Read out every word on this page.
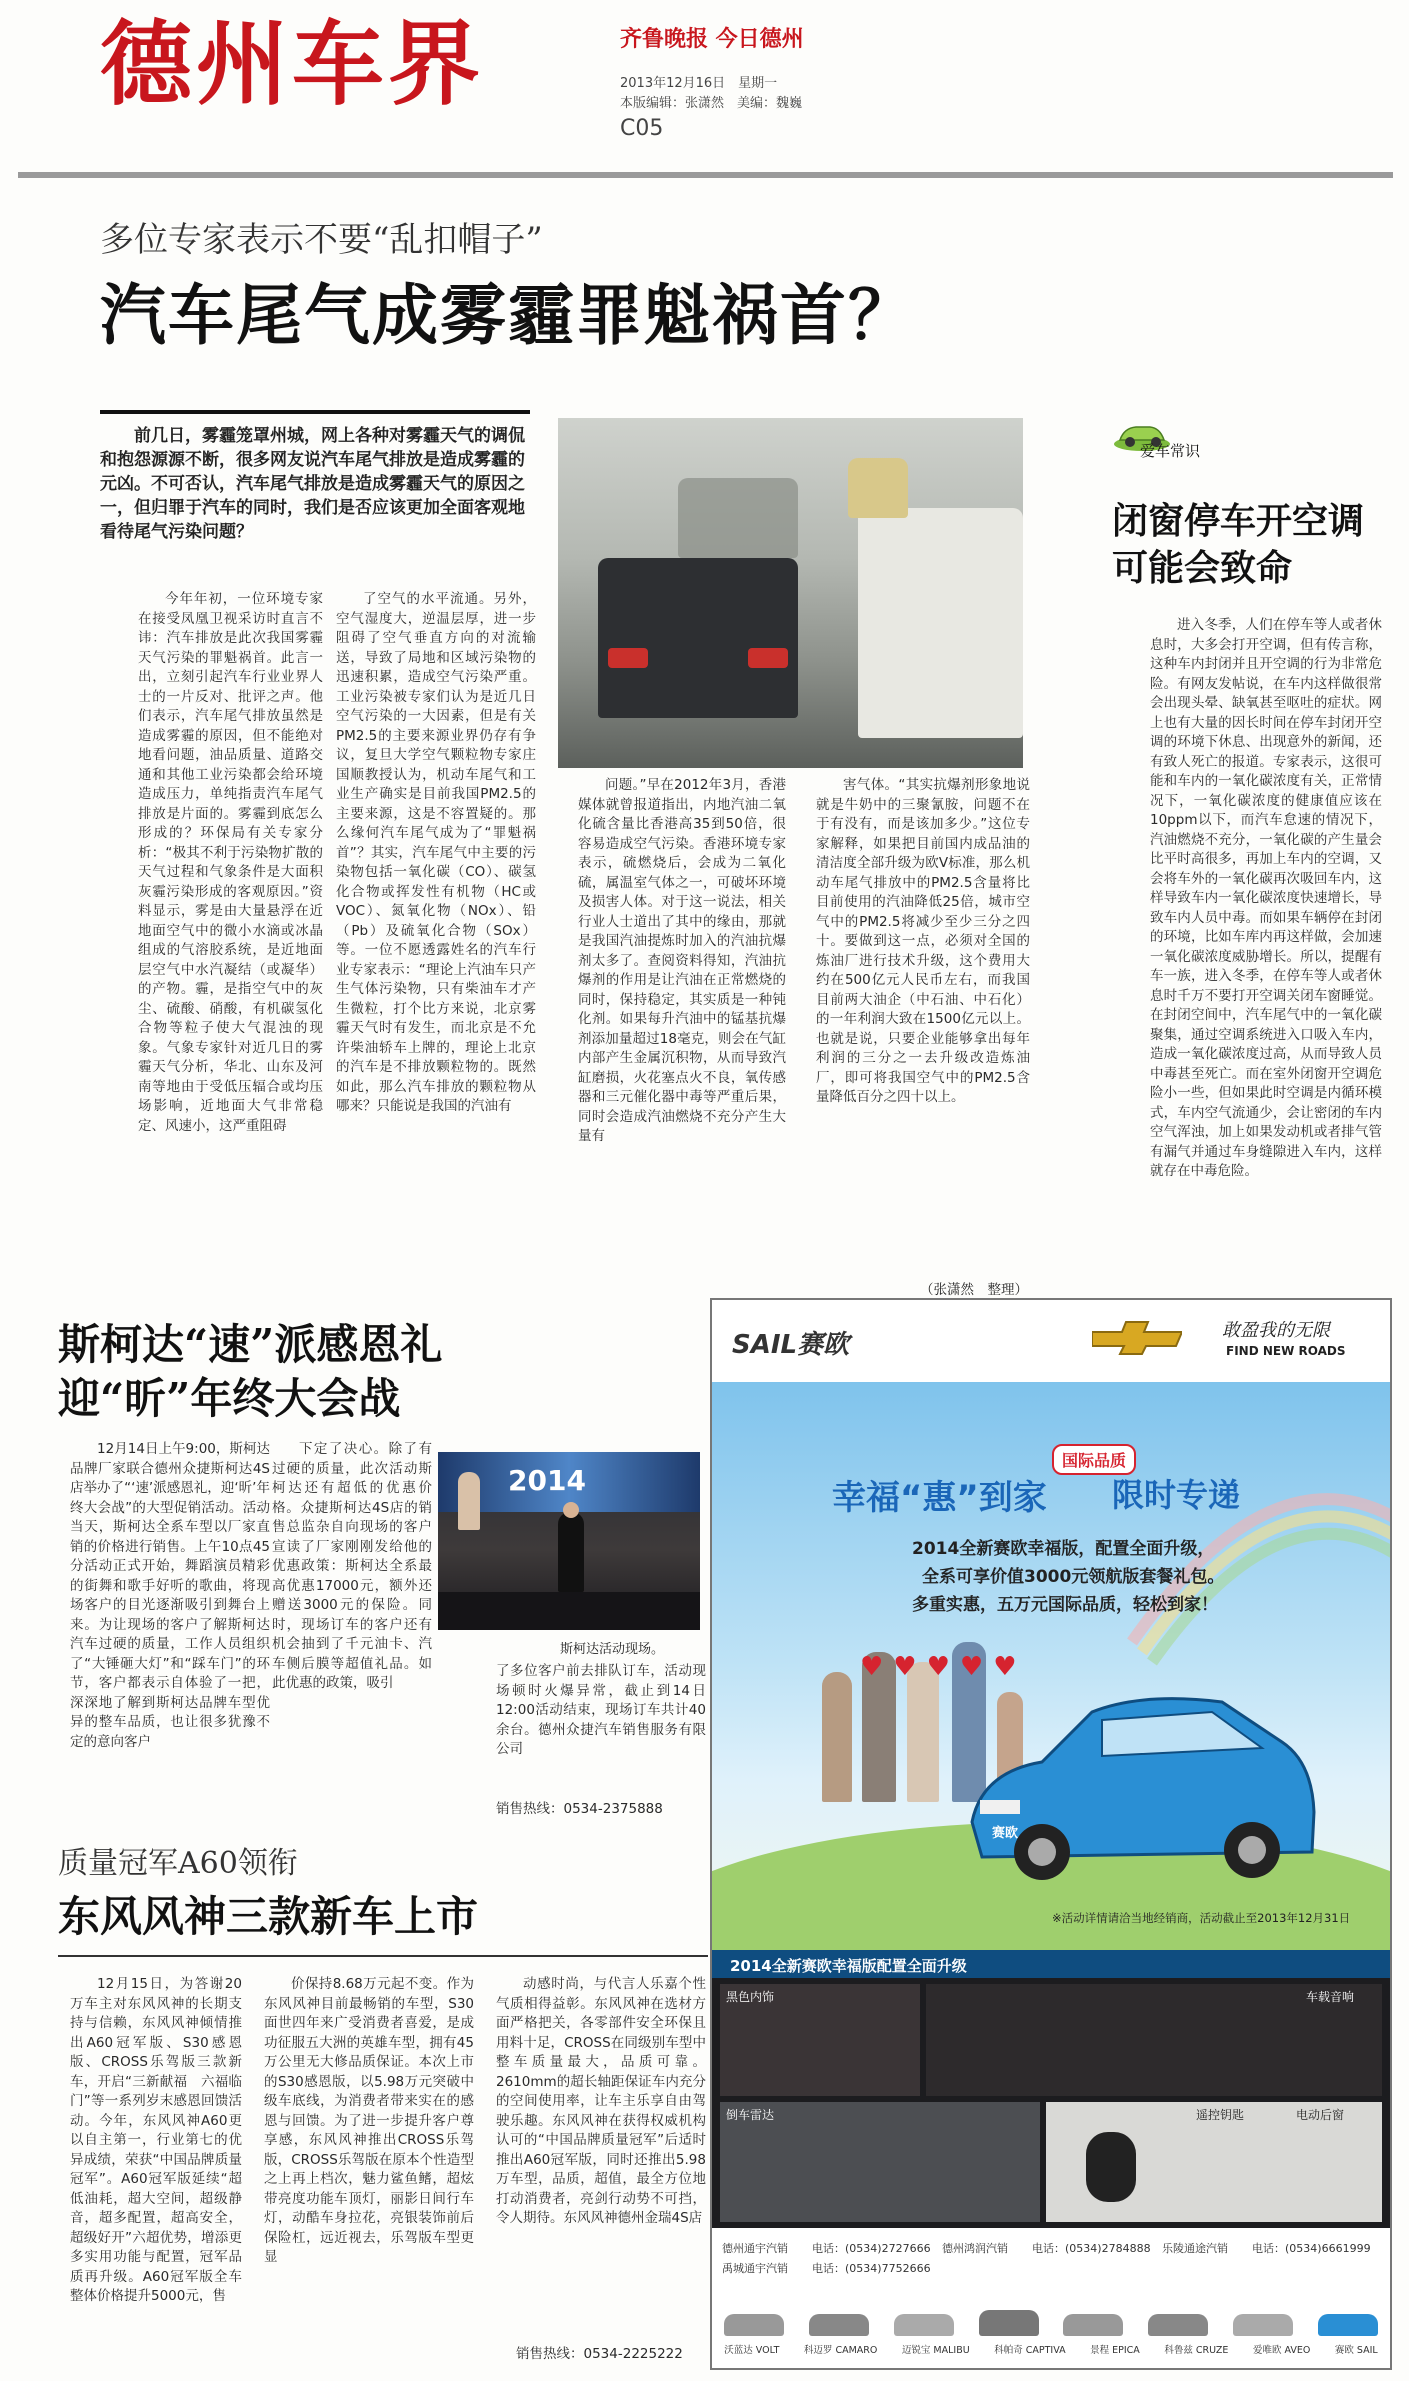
德州车界	齐鲁晚报 今日德州
2013年12月16日　星期一
本版编辑：张潇然　美编：魏巍
C05
多位专家表示不要“乱扣帽子”
汽车尾气成雾霾罪魁祸首？
前几日，雾霾笼罩州城，网上各种对雾霾天气的调侃和抱怨源源不断，很多网友说汽车尾气排放是造成雾霾的元凶。不可否认，汽车尾气排放是造成雾霾天气的原因之一，但归罪于汽车的同时，我们是否应该更加全面客观地看待尾气污染问题？

今年年初，一位环境专家在接受凤凰卫视采访时直言不讳：汽车排放是此次我国雾霾天气污染的罪魁祸首。此言一出，立刻引起汽车行业业界人士的一片反对、批评之声。他们表示，汽车尾气排放虽然是造成雾霾的原因，但不能绝对地看问题，油品质量、道路交通和其他工业污染都会给环境造成压力，单纯指责汽车尾气排放是片面的。雾霾到底怎么形成的？环保局有关专家分析：“极其不利于污染物扩散的天气过程和气象条件是大面积灰霾污染形成的客观原因。”资料显示，雾是由大量悬浮在近地面空气中的微小水滴或冰晶组成的气溶胶系统，是近地面层空气中水汽凝结（或凝华）的产物。霾，是指空气中的灰尘、硫酸、硝酸，有机碳氢化合物等粒子使大气混浊的现象。气象专家针对近几日的雾霾天气分析，华北、山东及河南等地由于受低压辐合或均压场影响，近地面大气非常稳定、风速小，这严重阻碍

了空气的水平流通。另外，空气湿度大，逆温层厚，进一步阻碍了空气垂直方向的对流输送，导致了局地和区域污染物的迅速积累，造成空气污染严重。工业污染被专家们认为是近几日空气污染的一大因素，但是有关PM2.5的主要来源业界仍存有争议，复旦大学空气颗粒物专家庄国顺教授认为，机动车尾气和工业生产确实是目前我国PM2.5的主要来源，这是不容置疑的。那么缘何汽车尾气成为了“罪魁祸首”？其实，汽车尾气中主要的污染物包括一氧化碳（CO）、碳氢化合物或挥发性有机物（HC或VOC）、氮氧化物（NOx）、铅（Pb）及硫氧化合物（SOx）等。一位不愿透露姓名的汽车行业专家表示：“理论上汽油车只产生气体污染物，只有柴油车才产生微粒，打个比方来说，北京雾霾天气时有发生，而北京是不允许柴油轿车上牌的，理论上北京的汽车是不排放颗粒物的。既然如此，那么汽车排放的颗粒物从哪来？只能说是我国的汽油有

问题。”早在2012年3月，香港媒体就曾报道指出，内地汽油二氧化硫含量比香港高35到50倍，很容易造成空气污染。香港环境专家表示，硫燃烧后，会成为二氧化硫，属温室气体之一，可破坏环境及损害人体。对于这一说法，相关行业人士道出了其中的缘由，那就是我国汽油提炼时加入的汽油抗爆剂太多了。查阅资料得知，汽油抗爆剂的作用是让汽油在正常燃烧的同时，保持稳定，其实质是一种钝化剂。如果每升汽油中的锰基抗爆剂添加量超过18毫克，则会在气缸内部产生金属沉积物，从而导致汽缸磨损，火花塞点火不良，氧传感器和三元催化器中毒等严重后果，同时会造成汽油燃烧不充分产生大量有

害气体。“其实抗爆剂形象地说就是牛奶中的三聚氰胺，问题不在于有没有，而是该加多少。”这位专家解释，如果把目前国内成品油的清洁度全部升级为欧Ⅴ标准，那么机动车尾气排放中的PM2.5含量将比目前使用的汽油降低25倍，城市空气中的PM2.5将减少至少三分之四十。要做到这一点，必须对全国的炼油厂进行技术升级，这个费用大约在500亿元人民币左右，而我国目前两大油企（中石油、中石化）的一年利润大致在1500亿元以上。也就是说，只要企业能够拿出每年利润的三分之一去升级改造炼油厂，即可将我国空气中的PM2.5含量降低百分之四十以上。

（张潇然　整理）
爱车常识
闭窗停车开空调可能会致命

进入冬季，人们在停车等人或者休息时，大多会打开空调，但有传言称，这种车内封闭并且开空调的行为非常危险。有网友发帖说，在车内这样做很常会出现头晕、缺氧甚至呕吐的症状。网上也有大量的因长时间在停车封闭开空调的环境下休息、出现意外的新闻，还有致人死亡的报道。专家表示，这很可能和车内的一氧化碳浓度有关，正常情况下，一氧化碳浓度的健康值应该在10ppm以下，而汽车怠速的情况下，汽油燃烧不充分，一氧化碳的产生量会比平时高很多，再加上车内的空调，又会将车外的一氧化碳再次吸回车内，这样导致车内一氧化碳浓度快速增长，导致车内人员中毒。而如果车辆停在封闭的环境，比如车库内再这样做，会加速一氧化碳浓度威胁增长。所以，提醒有车一族，进入冬季，在停车等人或者休息时千万不要打开空调关闭车窗睡觉。在封闭空间中，汽车尾气中的一氧化碳聚集，通过空调系统进入口吸入车内，造成一氧化碳浓度过高，从而导致人员中毒甚至死亡。而在室外闭窗开空调危险小一些，但如果此时空调是内循环模式，车内空气流通少，会让密闭的车内空气浑浊，加上如果发动机或者排气管有漏气并通过车身缝隙进入车内，这样就存在中毒危险。

斯柯达“速”派感恩礼
迎“昕”年终大会战

12月14日上午9:00，斯柯达品牌厂家联合德州众捷斯柯达4S店举办了“‘速’派感恩礼，迎‘昕’年终大会战”的大型促销活动。活动当天，斯柯达全系车型以厂家直销的价格进行销售。上午10点45分活动正式开始，舞蹈演员精彩的街舞和歌手好听的歌曲，将现场客户的目光逐渐吸引到舞台上来。为让现场的客户了解斯柯达汽车过硬的质量，工作人员组织了“大锤砸大灯”和“踩车门”的环节，客户都表示自体验了一把，深深地了解到斯柯达品牌车型优异的整车品质，也让很多犹豫不定的意向客户

下定了决心。除了有过硬的质量，此次活动斯柯达还有超低的优惠价格。众捷斯柯达4S店的销售总监杂自向现场的客户宣读了厂家刚刚发给他的优惠政策：斯柯达全系最高优惠17000元，额外还赠送3000元的保险。同时，现场订车的客户还有机会抽到了千元油卡、汽车侧后膜等超值礼品。如此优惠的政策，吸引

2014
斯柯达活动现场。

了多位客户前去排队订车，活动现场顿时火爆异常，截止到14日12:00活动结束，现场订车共计40余台。德州众捷汽车销售服务有限公司

销售热线：0534-2375888

质量冠军A60领衔
东风风神三款新车上市

12月15日，为答谢20万车主对东风风神的长期支持与信赖，东风风神倾情推出A60冠军版、S30感恩版、CROSS乐驾版三款新车，开启“三新献福　六福临门”等一系列岁末感恩回馈活动。今年，东风风神A60更以自主第一，行业第七的优异成绩，荣获“中国品牌质量冠军”。A60冠军版延续“超低油耗，超大空间，超级静音，超多配置，超高安全，超级好开”六超优势，增添更多实用功能与配置，冠军品质再升级。A60冠军版全车整体价格提升5000元，售

价保持8.68万元起不变。作为东风风神目前最畅销的车型，S30面世四年来广受消费者喜爱，是成功征服五大洲的英雄车型，拥有45万公里无大修品质保证。本次上市的S30感恩版，以5.98万元突破中级车底线，为消费者带来实在的感恩与回馈。为了进一步提升客户尊享感，东风风神推出CROSS乐驾版，CROSS乐驾版在原本个性造型之上再上档次，魅力鲨鱼鳍，超炫带亮度功能车顶灯，丽影日间行车灯，动酷车身拉花，亮银装饰前后保险杠，远近视去，乐驾版车型更显

动感时尚，与代言人乐嘉个性气质相得益彰。东风风神在选材方面严格把关，各零部件安全环保且用料十足，CROSS在同级别车型中整车质量最大，品质可靠。2610mm的超长轴距保证车内充分的空间使用率，让车主乐享自由驾驶乐趣。东风风神在获得权威机构认可的“中国品牌质量冠军”后适时推出A60冠军版，同时还推出5.98万车型，品质，超值，最全方位地打动消费者，亮剑行动势不可挡，令人期待。东风风神德州金瑞4S店

销售热线：0534-2225222

SAIL赛欧	敢盈我的无限
FIND NEW ROADS
幸福“惠”到家
国际品质
限时专递
2014全新赛欧幸福版，配置全面升级，
全系可享价值3000元领航版套餐礼包。
多重实惠，五万元国际品质，轻松到家！
♥♥♥♥♥
赛欧
※活动详情请洽当地经销商，活动截止至2013年12月31日
2014全新赛欧幸福版配置全面升级
黑色内饰	车载音响
倒车雷达	遥控钥匙	电动后窗
德州通宇汽销 电话：(0534)2727666 德州鸿润汽销 电话：(0534)2784888 乐陵通途汽销 电话：(0534)6661999
禹城通宇汽销 电话：(0534)7752666
沃蓝达 VOLT	科迈罗 CAMARO	迈锐宝 MALIBU	科帕奇 CAPTIVA	景程 EPICA	科鲁兹 CRUZE	爱唯欧 AVEO	赛欧 SAIL
